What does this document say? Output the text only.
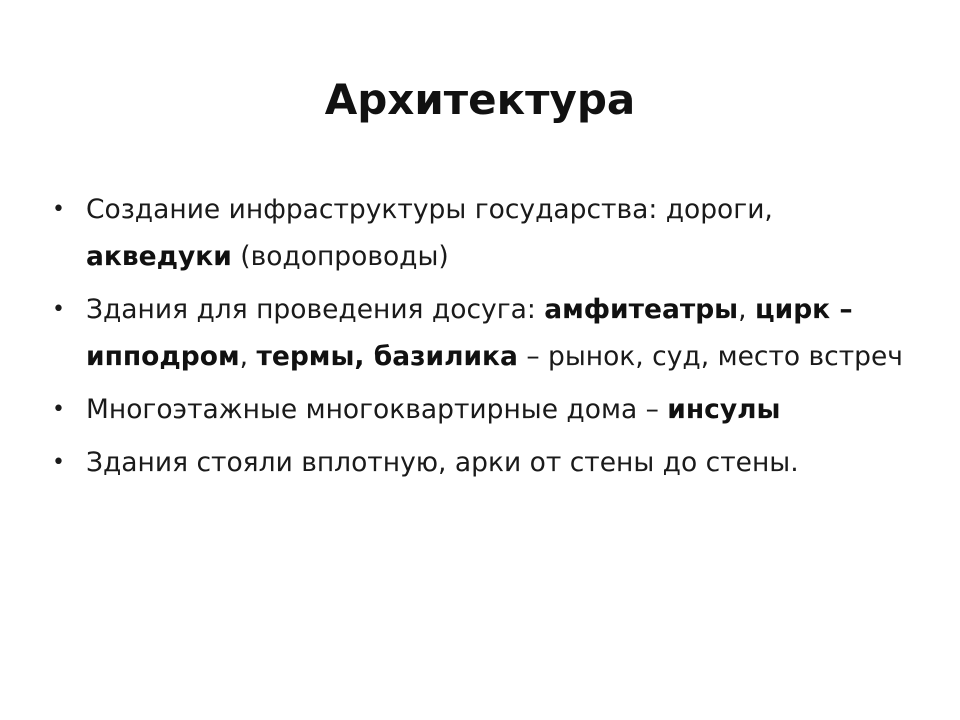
Архитектура
• Создание инфраструктуры государства: дороги, акведуки (водопроводы)
• Здания для проведения досуга: амфитеатры, цирк –ипподром, термы, базилика – рынок, суд, место встреч
• Многоэтажные многоквартирные дома – инсулы
• Здания стояли вплотную, арки от стены до стены.
